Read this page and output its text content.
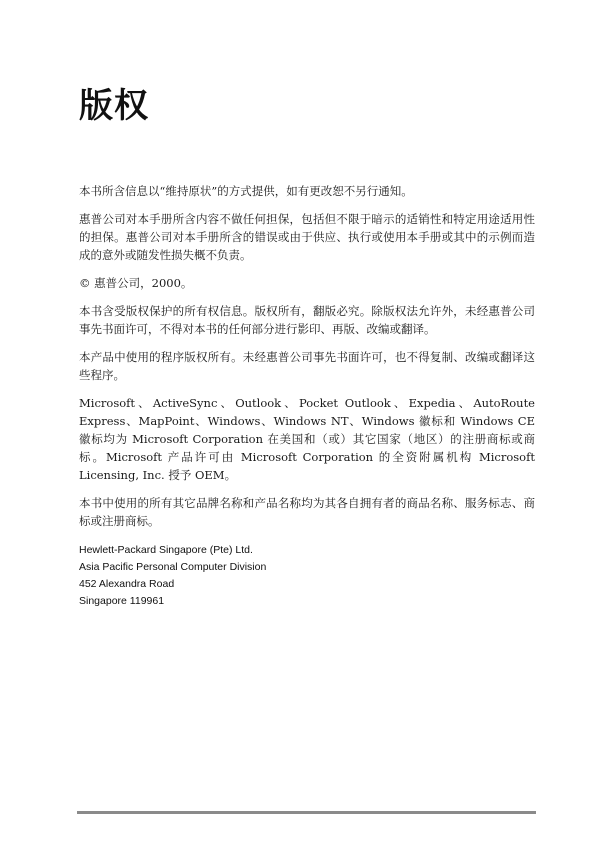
版权

本书所含信息以“维持原状”的方式提供，如有更改恕不另行通知。

惠普公司对本手册所含内容不做任何担保，包括但不限于暗示的适销性和特定用途适用性的担保。惠普公司对本手册所含的错误或由于供应、执行或使用本手册或其中的示例而造成的意外或随发性损失概不负责。

© 惠普公司，2000。

本书含受版权保护的所有权信息。版权所有，翻版必究。除版权法允许外，未经惠普公司事先书面许可，不得对本书的任何部分进行影印、再版、改编或翻译。

本产品中使用的程序版权所有。未经惠普公司事先书面许可，也不得复制、改编或翻译这些程序。

Microsoft、ActiveSync、Outlook、Pocket Outlook、Expedia、AutoRoute Express、MapPoint、Windows、Windows NT、Windows 徽标和 Windows CE 徽标均为 Microsoft Corporation 在美国和（或）其它国家（地区）的注册商标或商标。Microsoft 产品许可由 Microsoft Corporation 的全资附属机构 Microsoft Licensing, Inc. 授予 OEM。

本书中使用的所有其它品牌名称和产品名称均为其各自拥有者的商品名称、服务标志、商标或注册商标。

Hewlett-Packard Singapore (Pte) Ltd.
Asia Pacific Personal Computer Division
452 Alexandra Road
Singapore 119961
